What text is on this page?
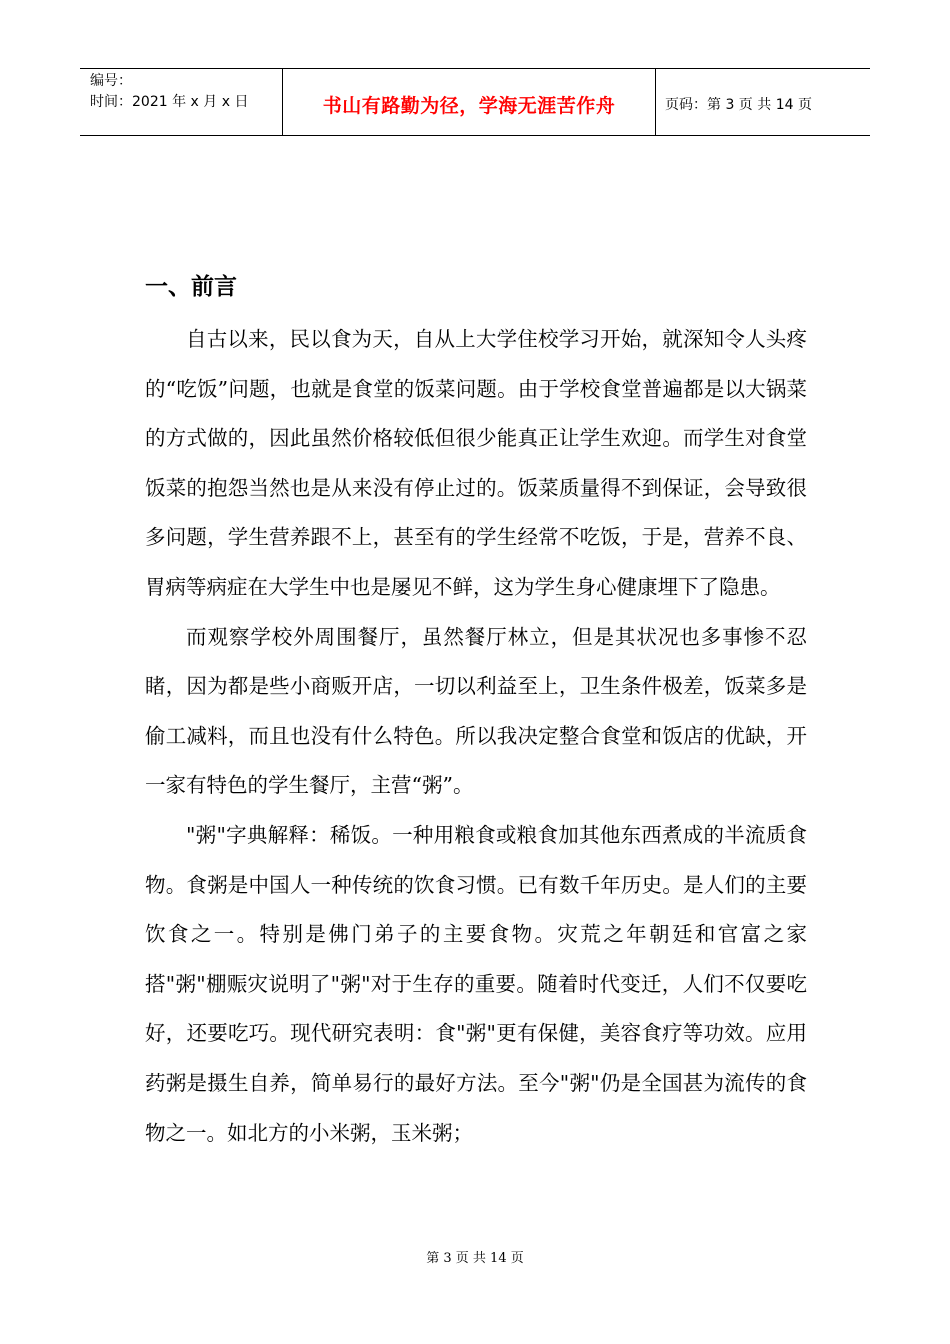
编号：
时间：2021 年 x 月 x 日	书山有路勤为径，学海无涯苦作舟	页码：第 3 页 共 14 页
一、前言

自古以来，民以食为天，自从上大学住校学习开始，就深知令人头疼的“吃饭”问题，也就是食堂的饭菜问题。由于学校食堂普遍都是以大锅菜的方式做的，因此虽然价格较低但很少能真正让学生欢迎。而学生对食堂饭菜的抱怨当然也是从来没有停止过的。饭菜质量得不到保证，会导致很多问题，学生营养跟不上，甚至有的学生经常不吃饭，于是，营养不良、胃病等病症在大学生中也是屡见不鲜，这为学生身心健康埋下了隐患。

而观察学校外周围餐厅，虽然餐厅林立，但是其状况也多事惨不忍睹，因为都是些小商贩开店，一切以利益至上，卫生条件极差，饭菜多是偷工减料，而且也没有什么特色。所以我决定整合食堂和饭店的优缺，开一家有特色的学生餐厅，主营“粥”。

"粥"字典解释：稀饭。一种用粮食或粮食加其他东西煮成的半流质食物。食粥是中国人一种传统的饮食习惯。已有数千年历史。是人们的主要饮食之一。特别是佛门弟子的主要食物。灾荒之年朝廷和官富之家搭"粥"棚赈灾说明了"粥"对于生存的重要。随着时代变迁，人们不仅要吃好，还要吃巧。现代研究表明：食"粥"更有保健，美容食疗等功效。应用药粥是摄生自养，简单易行的最好方法。至今"粥"仍是全国甚为流传的食物之一。如北方的小米粥，玉米粥；

第 3 页 共 14 页
